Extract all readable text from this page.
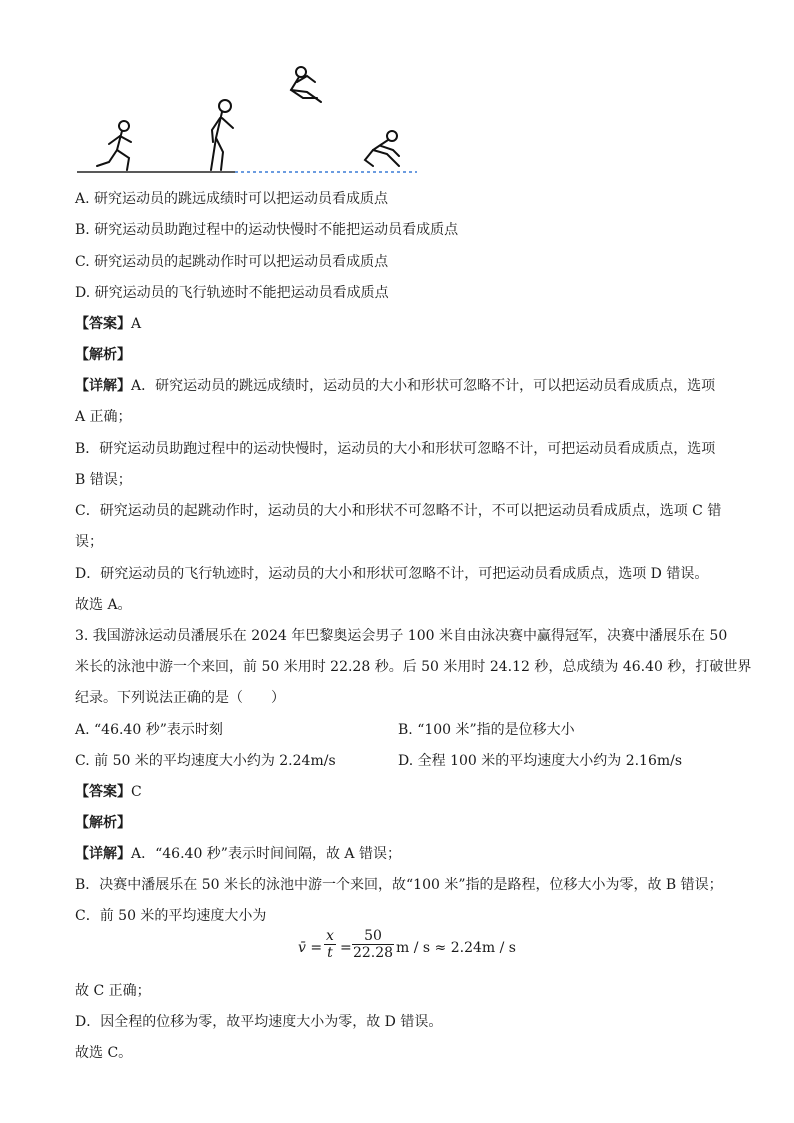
A. 研究运动员的跳远成绩时可以把运动员看成质点
B. 研究运动员助跑过程中的运动快慢时不能把运动员看成质点
C. 研究运动员的起跳动作时可以把运动员看成质点
D. 研究运动员的飞行轨迹时不能把运动员看成质点
【答案】A
【解析】
【详解】A．研究运动员的跳远成绩时，运动员的大小和形状可忽略不计，可以把运动员看成质点，选项
A 正确；
B．研究运动员助跑过程中的运动快慢时，运动员的大小和形状可忽略不计，可把运动员看成质点，选项
B 错误；
C．研究运动员的起跳动作时，运动员的大小和形状不可忽略不计，不可以把运动员看成质点，选项 C 错
误；
D．研究运动员的飞行轨迹时，运动员的大小和形状可忽略不计，可把运动员看成质点，选项 D 错误。
故选 A。
3. 我国游泳运动员潘展乐在 2024 年巴黎奥运会男子 100 米自由泳决赛中赢得冠军，决赛中潘展乐在 50
米长的泳池中游一个来回，前 50 米用时 22.28 秒。后 50 米用时 24.12 秒，总成绩为 46.40 秒，打破世界
纪录。下列说法正确的是（　　）
A. “46.40 秒”表示时刻	B. “100 米”指的是位移大小
C. 前 50 米的平均速度大小约为 2.24m/s	D. 全程 100 米的平均速度大小约为 2.16m/s
【答案】C
【解析】
【详解】A．“46.40 秒”表示时间间隔，故 A 错误；
B．决赛中潘展乐在 50 米长的泳池中游一个来回，故“100 米”指的是路程，位移大小为零，故 B 错误；
C．前 50 米的平均速度大小为
v̄ = $\frac{x}{t} = \frac{50}{22.28}$ m / s ≈ 2.24m / s
故 C 正确；
D．因全程的位移为零，故平均速度大小为零，故 D 错误。
故选 C。
